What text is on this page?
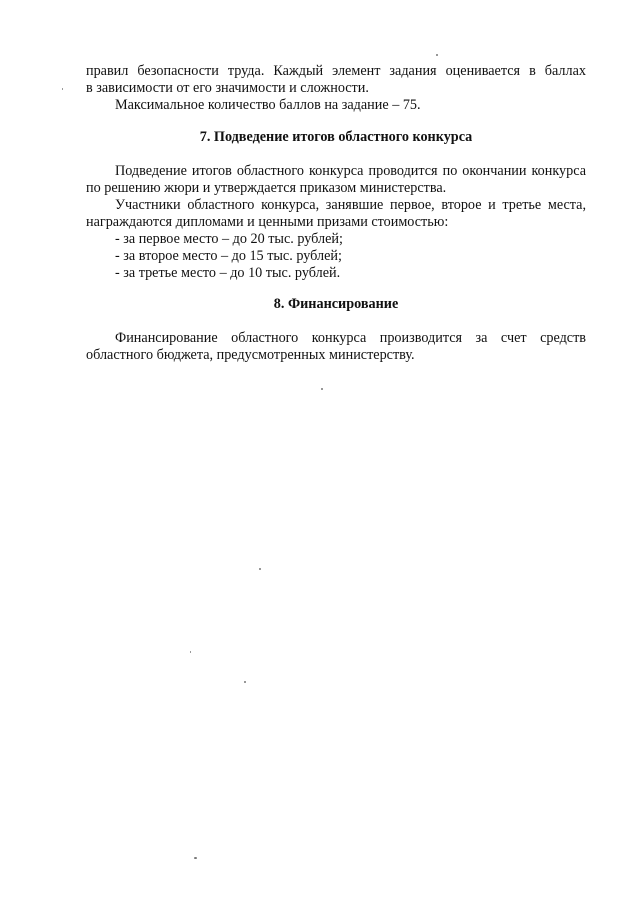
правил безопасности труда. Каждый элемент задания оценивается в баллах
в зависимости от его значимости и сложности.
Максимальное количество баллов на задание – 75.
7. Подведение итогов областного конкурса
Подведение итогов областного конкурса проводится по окончании конкурса
по решению жюри и утверждается приказом министерства.
Участники областного конкурса, занявшие первое, второе и третье места,
награждаются дипломами и ценными призами стоимостью:
- за первое место – до 20 тыс. рублей;
- за второе место – до 15 тыс. рублей;
- за третье место – до 10 тыс. рублей.
8. Финансирование
Финансирование областного конкурса производится за счет средств
областного бюджета, предусмотренных министерству.
